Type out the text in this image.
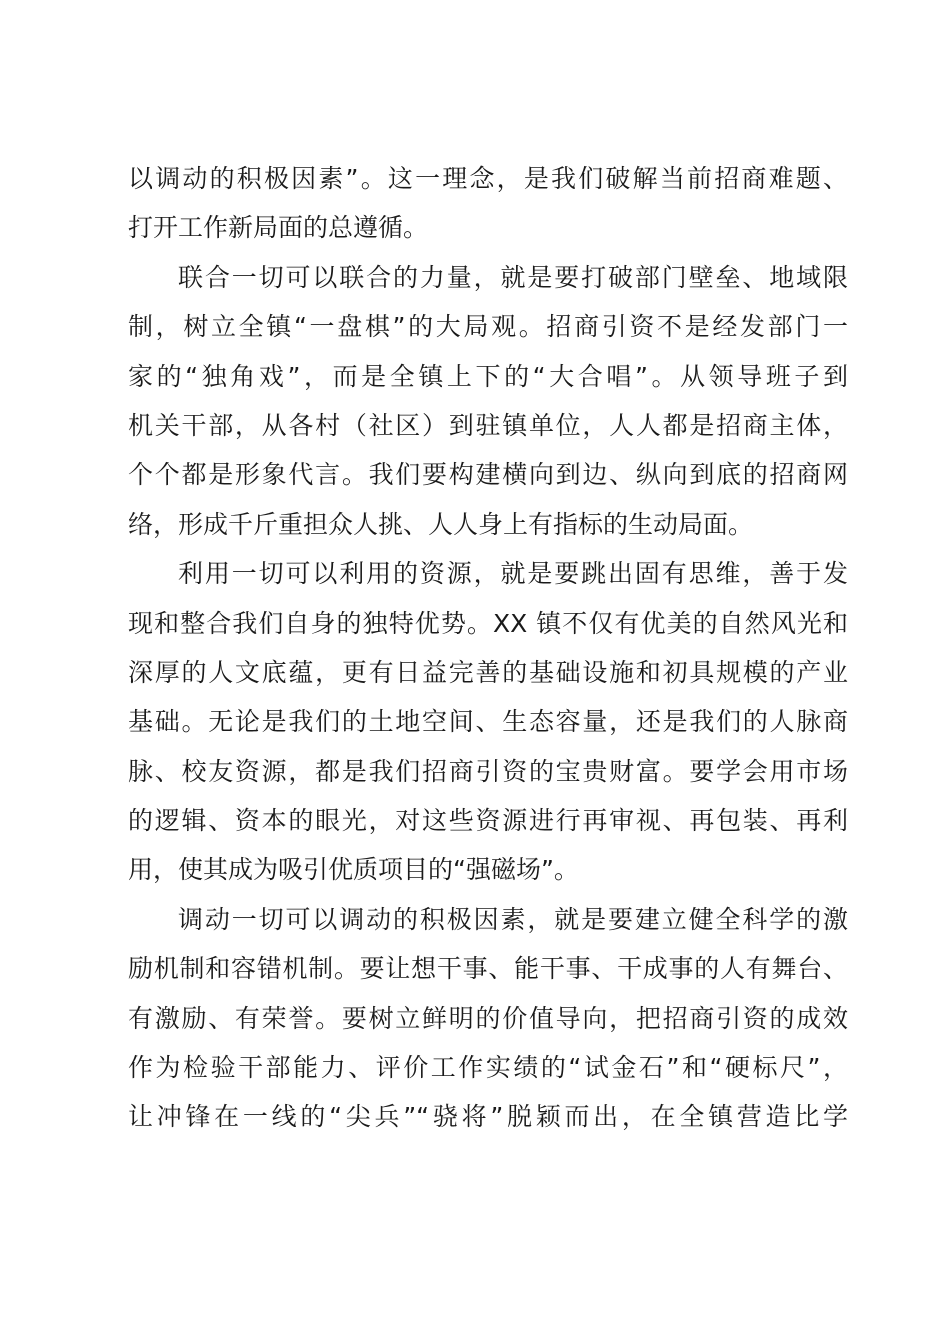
以调动的积极因素”。这一理念，是我们破解当前招商难题、
打开工作新局面的总遵循。
联合一切可以联合的力量，就是要打破部门壁垒、地域限
制，树立全镇“一盘棋”的大局观。招商引资不是经发部门一
家的“独角戏”，而是全镇上下的“大合唱”。从领导班子到
机关干部，从各村（社区）到驻镇单位，人人都是招商主体，
个个都是形象代言。我们要构建横向到边、纵向到底的招商网
络，形成千斤重担众人挑、人人身上有指标的生动局面。
利用一切可以利用的资源，就是要跳出固有思维，善于发
现和整合我们自身的独特优势。XX 镇不仅有优美的自然风光和
深厚的人文底蕴，更有日益完善的基础设施和初具规模的产业
基础。无论是我们的土地空间、生态容量，还是我们的人脉商
脉、校友资源，都是我们招商引资的宝贵财富。要学会用市场
的逻辑、资本的眼光，对这些资源进行再审视、再包装、再利
用，使其成为吸引优质项目的“强磁场”。
调动一切可以调动的积极因素，就是要建立健全科学的激
励机制和容错机制。要让想干事、能干事、干成事的人有舞台、
有激励、有荣誉。要树立鲜明的价值导向，把招商引资的成效
作为检验干部能力、评价工作实绩的“试金石”和“硬标尺”，
让冲锋在一线的“尖兵”“骁将”脱颖而出，在全镇营造比学
